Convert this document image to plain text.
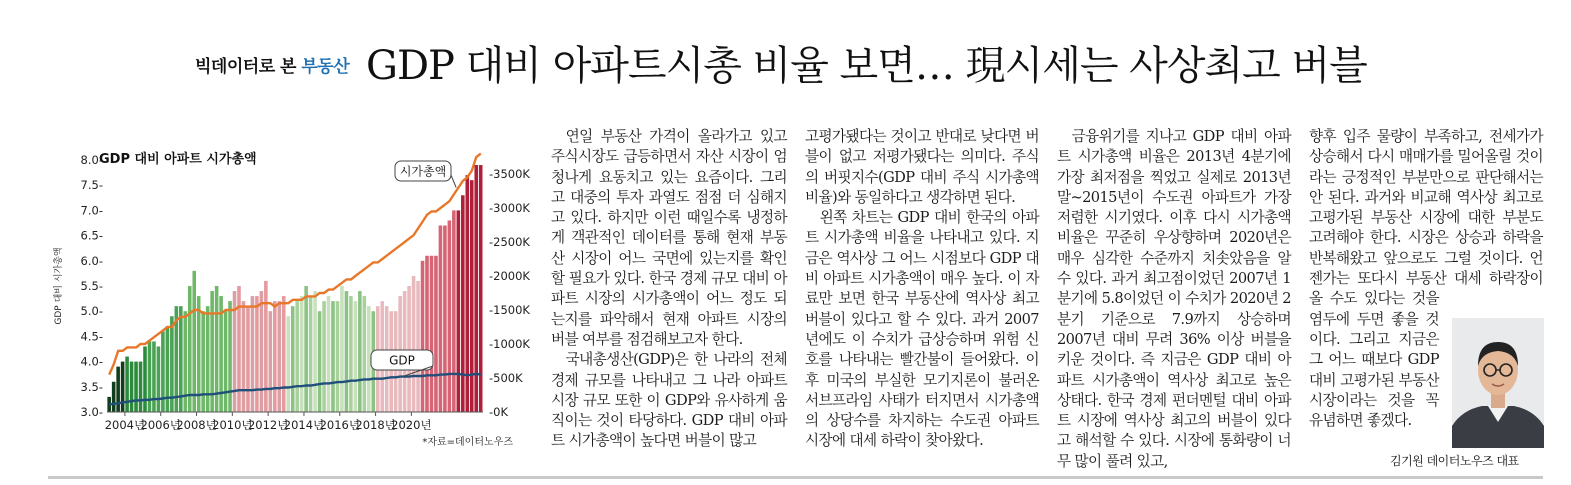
빅데이터로 본 부동산 GDP 대비 아파트시총 비율 보면… 現시세는 사상최고 버블
GDP 대비 아파트 시가총액
GDP 대비 시가총액
3.0-
3.5-
4.0-
4.5-
5.0-
5.5-
6.0-
6.5-
7.0-
7.5-
8.0-
-0K
-500K
-1000K
-1500K
-2000K
-2500K
-3000K
-3500K
2004년
2006년
2008년
2010년
2012년
2014년
2016년
2018년
2020년
시가총액
GDP
*자료=데이터노우즈

연일 부동산 가격이 올라가고 있고 주식시장도 급등하면서 자산 시장이 엄청나게 요동치고 있는 요즘이다. 그리고 대중의 투자 과열도 점점 더 심해지고 있다. 하지만 이런 때일수록 냉정하게 객관적인 데이터를 통해 현재 부동산 시장이 어느 국면에 있는지를 확인할 필요가 있다. 한국 경제 규모 대비 아파트 시장의 시가총액이 어느 정도 되는지를 파악해서 현재 아파트 시장의 버블 여부를 점검해보고자 한다.

국내총생산(GDP)은 한 나라의 전체 경제 규모를 나타내고 그 나라 아파트 시장 규모 또한 이 GDP와 유사하게 움직이는 것이 타당하다. GDP 대비 아파트 시가총액이 높다면 버블이 많고

고평가됐다는 것이고 반대로 낮다면 버블이 없고 저평가됐다는 의미다. 주식의 버핏지수(GDP 대비 주식 시가총액 비율)와 동일하다고 생각하면 된다.

왼쪽 차트는 GDP 대비 한국의 아파트 시가총액 비율을 나타내고 있다. 지금은 역사상 그 어느 시점보다 GDP 대비 아파트 시가총액이 매우 높다. 이 자료만 보면 한국 부동산에 역사상 최고 버블이 있다고 할 수 있다. 과거 2007년에도 이 수치가 급상승하며 위험 신호를 나타내는 빨간불이 들어왔다. 이후 미국의 부실한 모기지론이 불러온 서브프라임 사태가 터지면서 시가총액의 상당수를 차지하는 수도권 아파트 시장에 대세 하락이 찾아왔다.

금융위기를 지나고 GDP 대비 아파트 시가총액 비율은 2013년 4분기에 가장 최저점을 찍었고 실제로 2013년 말~2015년이 수도권 아파트가 가장 저렴한 시기였다. 이후 다시 시가총액 비율은 꾸준히 우상향하며 2020년은 매우 심각한 수준까지 치솟았음을 알 수 있다. 과거 최고점이었던 2007년 1분기에 5.8이었던 이 수치가 2020년 2분기 기준으로 7.9까지 상승하며 2007년 대비 무려 36% 이상 버블을 키운 것이다. 즉 지금은 GDP 대비 아파트 시가총액이 역사상 최고로 높은 상태다. 한국 경제 펀더멘털 대비 아파트 시장에 역사상 최고의 버블이 있다고 해석할 수 있다. 시장에 통화량이 너무 많이 풀려 있고,

향후 입주 물량이 부족하고, 전세가가 상승해서 다시 매매가를 밀어올릴 것이라는 긍정적인 부분만으로 판단해서는 안 된다. 과거와 비교해 역사상 최고로 고평가된 부동산 시장에 대한 부분도 고려해야 한다. 시장은 상승과 하락을 반복해왔고 앞으로도 그럴 것이다. 언젠가는 또다시 부동산 대세 하락장이 올 수도 있다는 것을 염두에 두면 좋을 것이다. 그리고 지금은 그 어느 때보다 GDP 대비 고평가된 부동산 시장이라는 것을 꼭 유념하면 좋겠다.

김기원 데이터노우즈 대표
